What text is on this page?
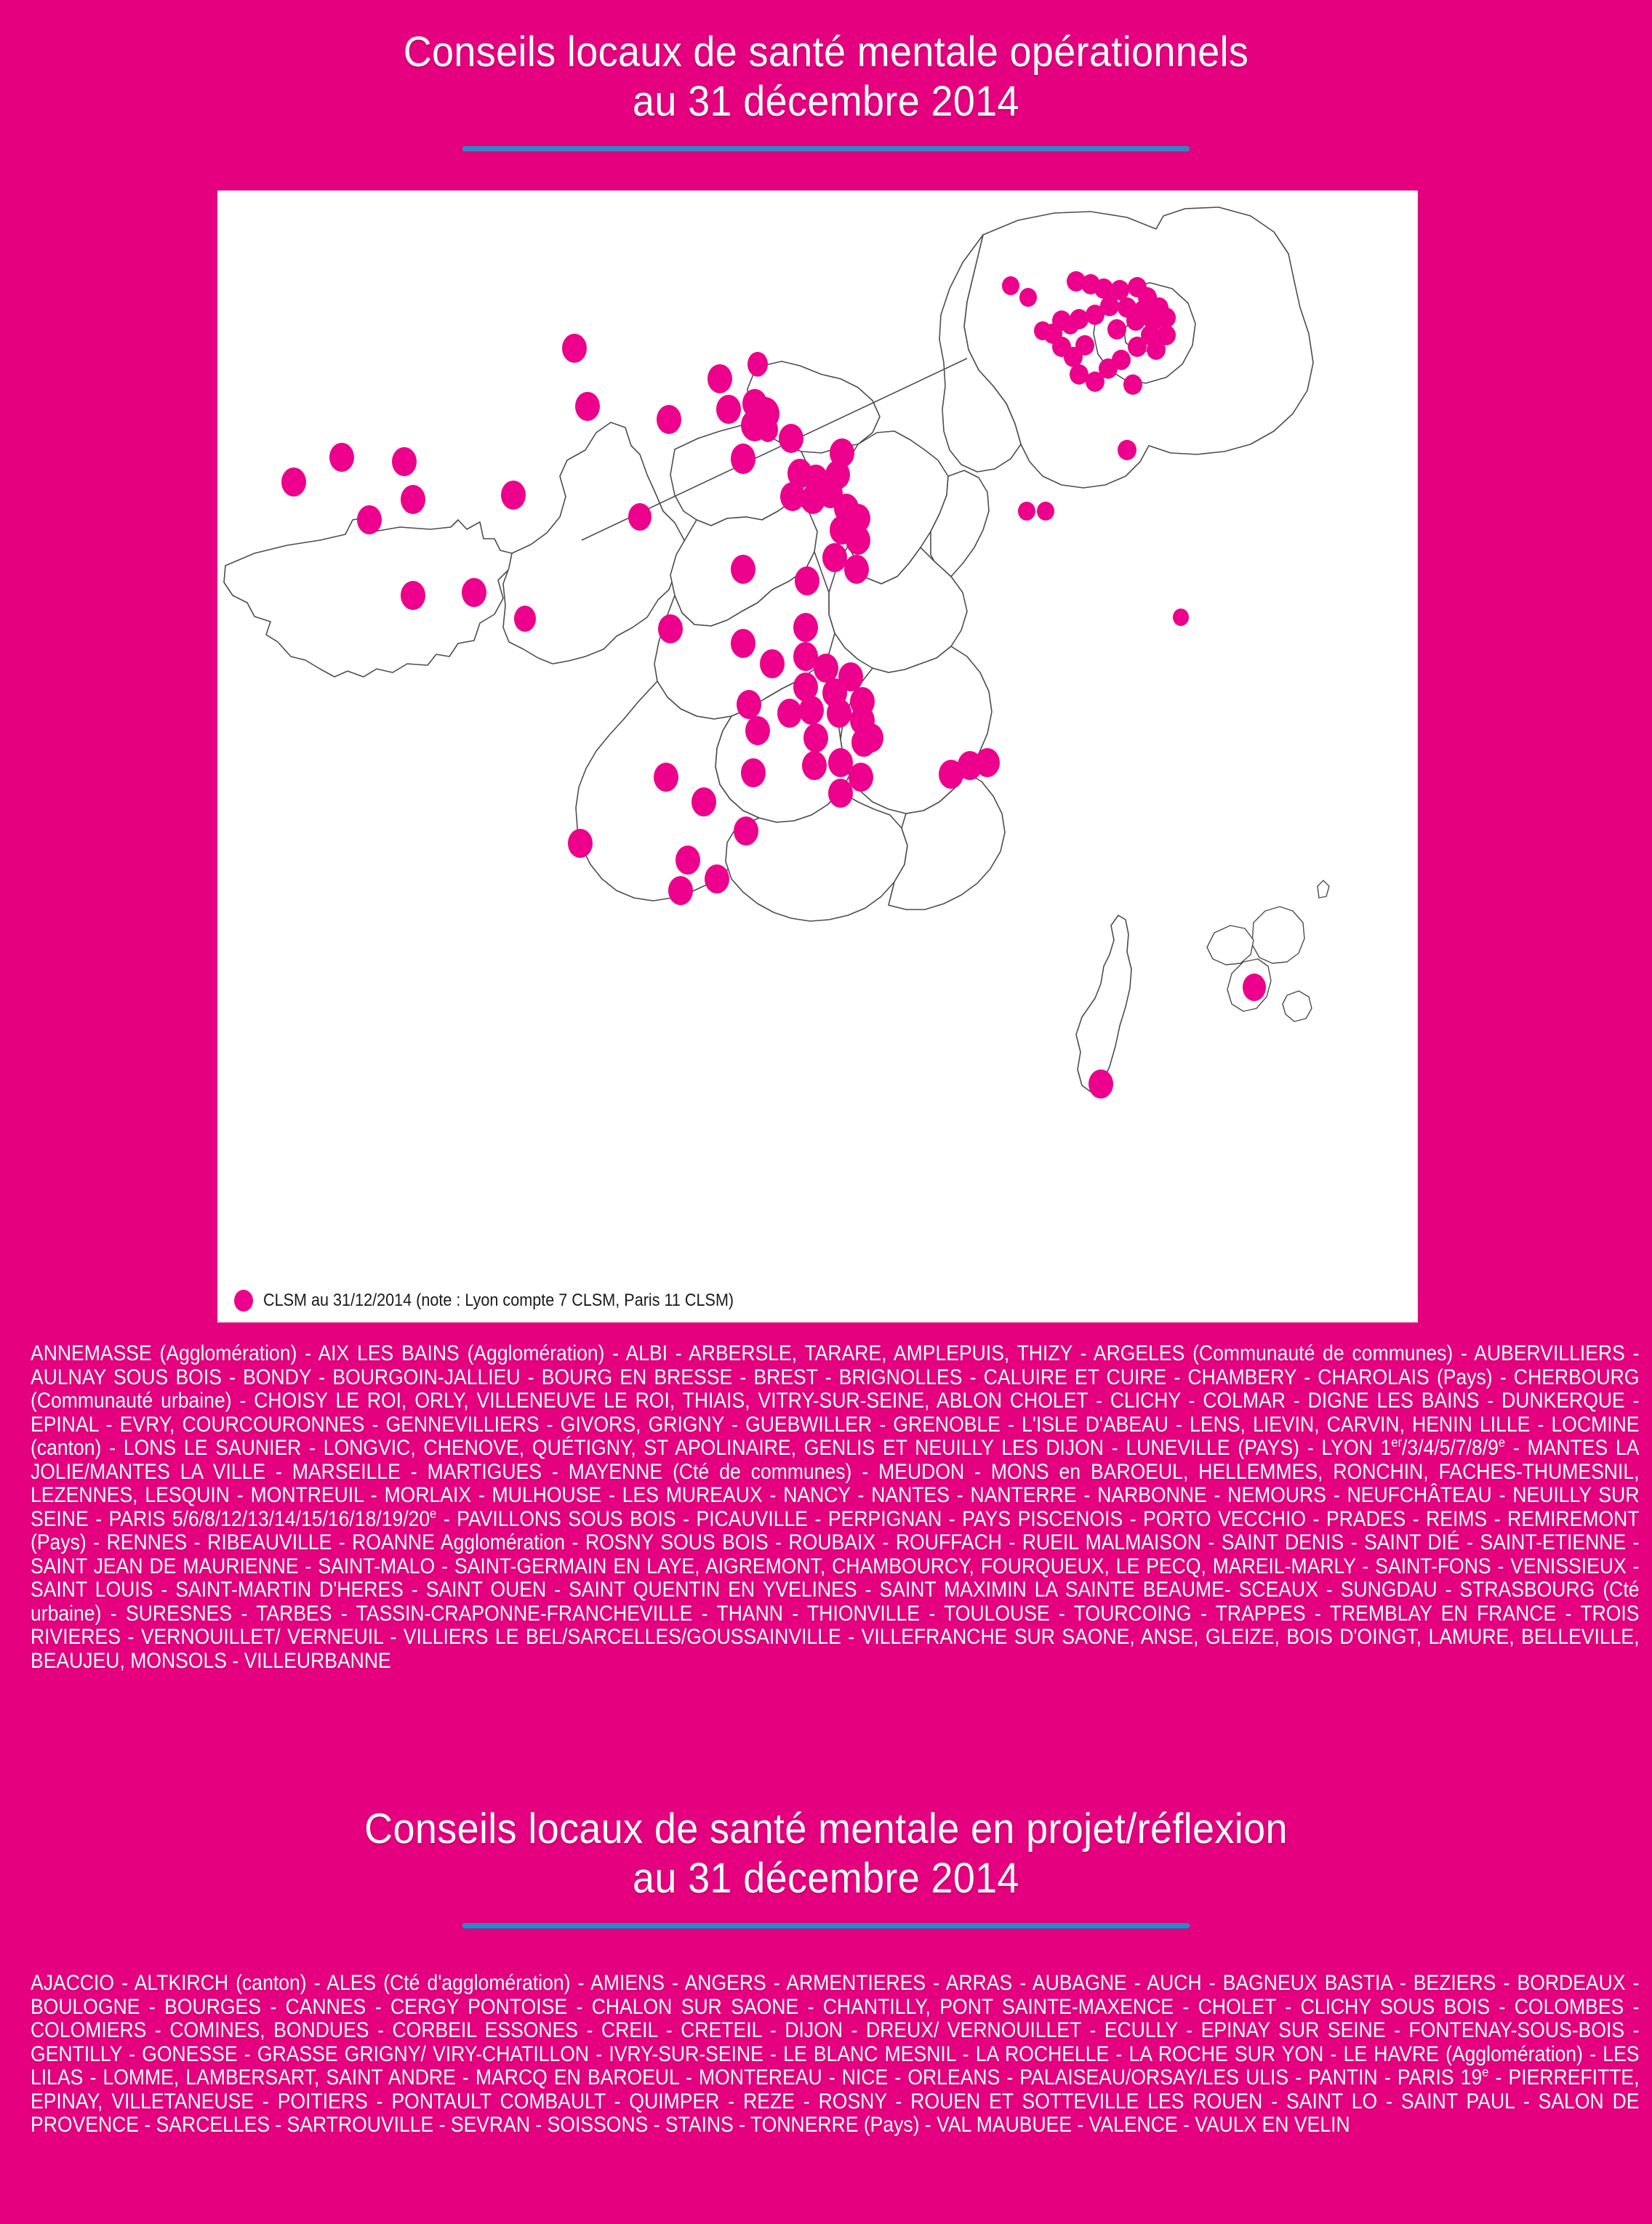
Conseils locaux de santé mentale opérationnels
au 31 décembre 2014
CLSM au 31/12/2014 (note : Lyon compte 7 CLSM, Paris 11 CLSM)
ANNEMASSE (Agglomération) - AIX LES BAINS (Agglomération) - ALBI - ARBERSLE, TARARE, AMPLEPUIS, THIZY - ARGELES (Communauté de communes) - AUBERVILLIERS - AULNAY SOUS BOIS - BONDY - BOURGOIN-JALLIEU - BOURG EN BRESSE - BREST - BRIGNOLLES - CALUIRE ET CUIRE - CHAMBERY - CHAROLAIS (Pays) - CHERBOURG (Communauté urbaine) - CHOISY LE ROI, ORLY, VILLENEUVE LE ROI, THIAIS, VITRY-SUR-SEINE, ABLON CHOLET - CLICHY - COLMAR - DIGNE LES BAINS - DUNKERQUE - EPINAL - EVRY, COURCOURONNES - GENNEVILLIERS - GIVORS, GRIGNY - GUEBWILLER - GRENOBLE - L'ISLE D'ABEAU - LENS, LIEVIN, CARVIN, HENIN LILLE - LOCMINE (canton) - LONS LE SAUNIER - LONGVIC, CHENOVE, QUÉTIGNY, ST APOLINAIRE, GENLIS ET NEUILLY LES DIJON - LUNEVILLE (PAYS) - LYON 1er/3/4/5/7/8/9e - MANTES LA JOLIE/MANTES LA VILLE - MARSEILLE - MARTIGUES - MAYENNE (Cté de communes) - MEUDON - MONS en BAROEUL, HELLEMMES, RONCHIN, FACHES-THUMESNIL, LEZENNES, LESQUIN - MONTREUIL - MORLAIX - MULHOUSE - LES MUREAUX - NANCY - NANTES - NANTERRE - NARBONNE - NEMOURS - NEUFCHÂTEAU - NEUILLY SUR SEINE - PARIS 5/6/8/12/13/14/15/16/18/19/20e - PAVILLONS SOUS BOIS - PICAUVILLE - PERPIGNAN - PAYS PISCENOIS - PORTO VECCHIO - PRADES - REIMS - REMIREMONT (Pays) - RENNES - RIBEAUVILLE - ROANNE Agglomération - ROSNY SOUS BOIS - ROUBAIX - ROUFFACH - RUEIL MALMAISON - SAINT DENIS - SAINT DIÉ - SAINT-ETIENNE - SAINT JEAN DE MAURIENNE - SAINT-MALO - SAINT-GERMAIN EN LAYE, AIGREMONT, CHAMBOURCY, FOURQUEUX, LE PECQ, MAREIL-MARLY - SAINT-FONS - VENISSIEUX - SAINT LOUIS - SAINT-MARTIN D'HERES - SAINT OUEN - SAINT QUENTIN EN YVELINES - SAINT MAXIMIN LA SAINTE BEAUME- SCEAUX - SUNGDAU - STRASBOURG (Cté urbaine) - SURESNES - TARBES - TASSIN-CRAPONNE-FRANCHEVILLE - THANN - THIONVILLE - TOULOUSE - TOURCOING - TRAPPES - TREMBLAY EN FRANCE - TROIS RIVIERES - VERNOUILLET/ VERNEUIL - VILLIERS LE BEL/SARCELLES/GOUSSAINVILLE - VILLEFRANCHE SUR SAONE, ANSE, GLEIZE, BOIS D'OINGT, LAMURE, BELLEVILLE, BEAUJEU, MONSOLS - VILLEURBANNE
Conseils locaux de santé mentale en projet/réflexion
au 31 décembre 2014
AJACCIO - ALTKIRCH (canton) - ALES (Cté d'agglomération) - AMIENS - ANGERS - ARMENTIERES - ARRAS - AUBAGNE - AUCH - BAGNEUX BASTIA - BEZIERS - BORDEAUX - BOULOGNE - BOURGES - CANNES - CERGY PONTOISE - CHALON SUR SAONE - CHANTILLY, PONT SAINTE-MAXENCE - CHOLET - CLICHY SOUS BOIS - COLOMBES - COLOMIERS - COMINES, BONDUES - CORBEIL ESSONES - CREIL - CRETEIL - DIJON - DREUX/ VERNOUILLET - ECULLY - EPINAY SUR SEINE - FONTENAY-SOUS-BOIS - GENTILLY - GONESSE - GRASSE GRIGNY/ VIRY-CHATILLON - IVRY-SUR-SEINE - LE BLANC MESNIL - LA ROCHELLE - LA ROCHE SUR YON - LE HAVRE (Agglomération) - LES LILAS - LOMME, LAMBERSART, SAINT ANDRE - MARCQ EN BAROEUL - MONTEREAU - NICE - ORLEANS - PALAISEAU/ORSAY/LES ULIS - PANTIN - PARIS 19e - PIERREFITTE, EPINAY, VILLETANEUSE - POITIERS - PONTAULT COMBAULT - QUIMPER - REZE - ROSNY - ROUEN ET SOTTEVILLE LES ROUEN - SAINT LO - SAINT PAUL - SALON DE PROVENCE - SARCELLES - SARTROUVILLE - SEVRAN - SOISSONS - STAINS - TONNERRE (Pays) - VAL MAUBUEE - VALENCE - VAULX EN VELIN
